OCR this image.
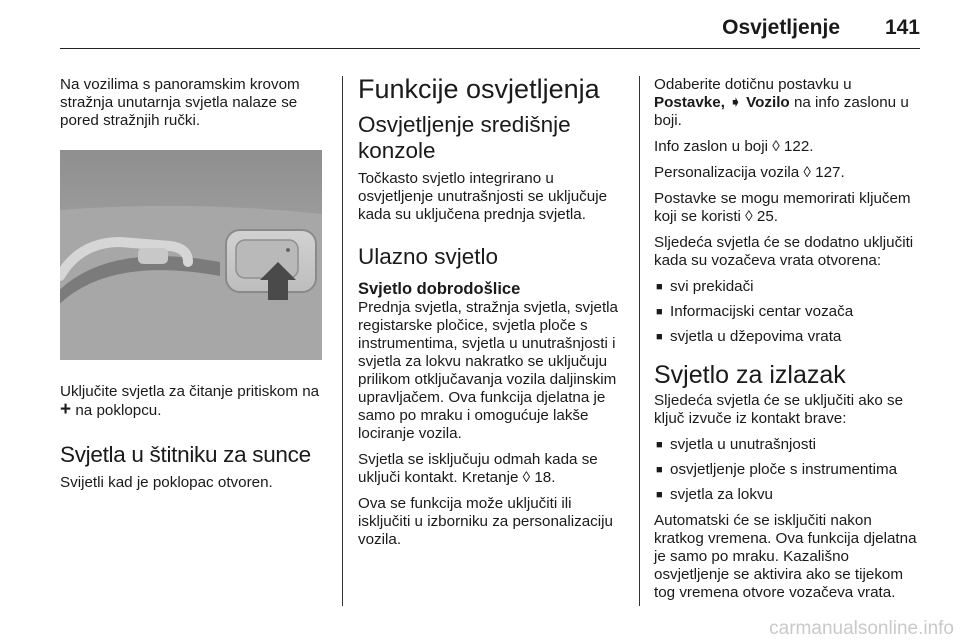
Osvjetljenje 141

Na vozilima s panoramskim krovom stražnja unutarnja svjetla nalaze se pored stražnjih ručki.

Uključite svjetla za čitanje pritiskom na + na poklopcu.

Svjetla u štitniku za sunce

Svijetli kad je poklopac otvoren.

Funkcije osvjetljenja
Osvjetljenje središnje konzole

Točkasto svjetlo integrirano u osvjetljenje unutrašnjosti se uključuje kada su uključena prednja svjetla.

Ulazno svjetlo
Svjetlo dobrodošlice

Prednja svjetla, stražnja svjetla, svjetla registarske pločice, svjetla ploče s instrumentima, svjetla u unutrašnjosti i svjetla za lokvu nakratko se uključuju prilikom otključavanja vozila daljinskim upravljačem. Ova funkcija djelatna je samo po mraku i omogućuje lakše lociranje vozila.

Svjetla se isključuju odmah kada se uključi kontakt. Kretanje ◊ 18.

Ova se funkcija može uključiti ili isključiti u izborniku za personalizaciju vozila.

Odaberite dotičnu postavku u
Postavke, ➧ Vozilo na info zaslonu u boji.

Info zaslon u boji ◊ 122.

Personalizacija vozila ◊ 127.

Postavke se mogu memorirati ključem koji se koristi ◊ 25.

Sljedeća svjetla će se dodatno uključiti kada su vozačeva vrata otvorena:

■ svi prekidači
■ Informacijski centar vozača
■ svjetla u džepovima vrata
Svjetlo za izlazak

Sljedeća svjetla će se uključiti ako se ključ izvuče iz kontakt brave:

■ svjetla u unutrašnjosti
■ osvjetljenje ploče s instrumentima
■ svjetla za lokvu

Automatski će se isključiti nakon kratkog vremena. Ova funkcija djelatna je samo po mraku. Kazališno osvjetljenje se aktivira ako se tijekom tog vremena otvore vozačeva vrata.

carmanualsonline.info
